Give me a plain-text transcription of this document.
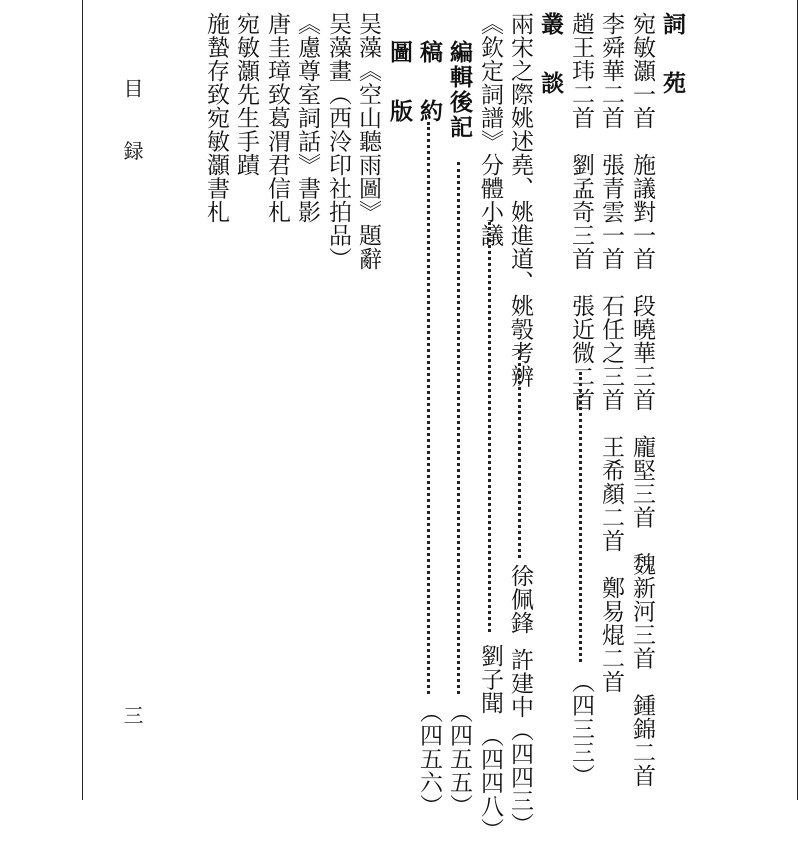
目 録
三
詞 苑
宛敏灝一首　施議對一首　段曉華三首　龐堅三首　魏新河三首　鍾錦二首
李舜華二首　張青雲一首　石任之三首　王希顏二首　鄭易焜二首
趙王玮二首　劉孟奇三首　張近微二首
（四三三）
叢 談
兩宋之際姚述堯、姚進道、姚彀考辨
徐佩鋒
許建中（四四三）
《欽定詞譜》分體小議
劉子聞
（四四八）
編輯後記
（四五五）
稿 約
（四五六）
圖 版
吴藻《空山聽雨圖》題辭
吴藻畫（西泠印社拍品）
《慮尊室詞話》書影
唐圭璋致葛渭君信札
宛敏灝先生手蹟
施蟄存致宛敏灝書札
